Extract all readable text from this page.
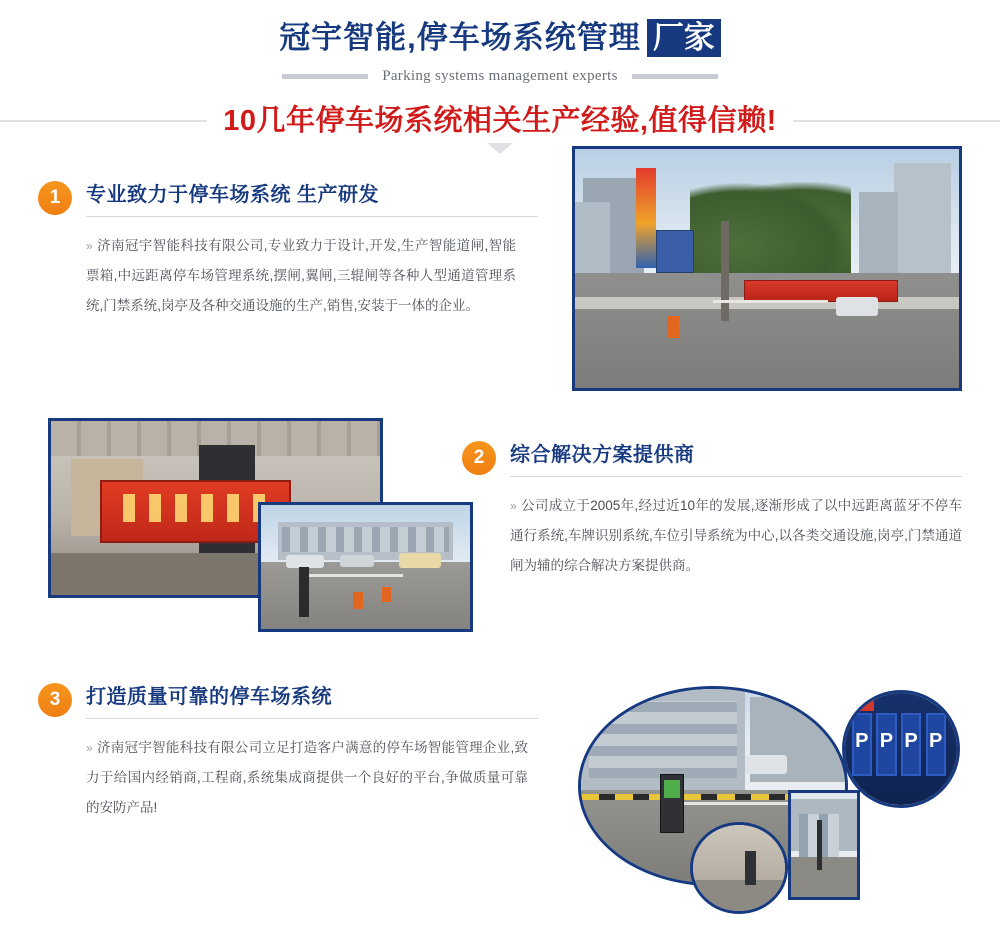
冠宇智能,停车场系统管理 厂家
Parking systems management experts
10几年停车场系统相关生产经验,值得信赖!
1	专业致力于停车场系统 生产研发
» 济南冠宇智能科技有限公司,专业致力于设计,开发,生产智能道闸,智能票箱,中远距离停车场管理系统,摆闸,翼闸,三辊闸等各种人型通道管理系统,门禁系统,岗亭及各种交通设施的生产,销售,安装于一体的企业。
2	综合解决方案提供商
» 公司成立于2005年,经过近10年的发展,逐渐形成了以中远距离蓝牙不停车通行系统,车牌识别系统,车位引导系统为中心,以各类交通设施,岗亭,门禁通道闸为辅的综合解决方案提供商。
3	打造质量可靠的停车场系统
» 济南冠宇智能科技有限公司立足打造客户满意的停车场智能管理企业,致力于给国内经销商,工程商,系统集成商提供一个良好的平台,争做质量可靠的安防产品!
P P P P
